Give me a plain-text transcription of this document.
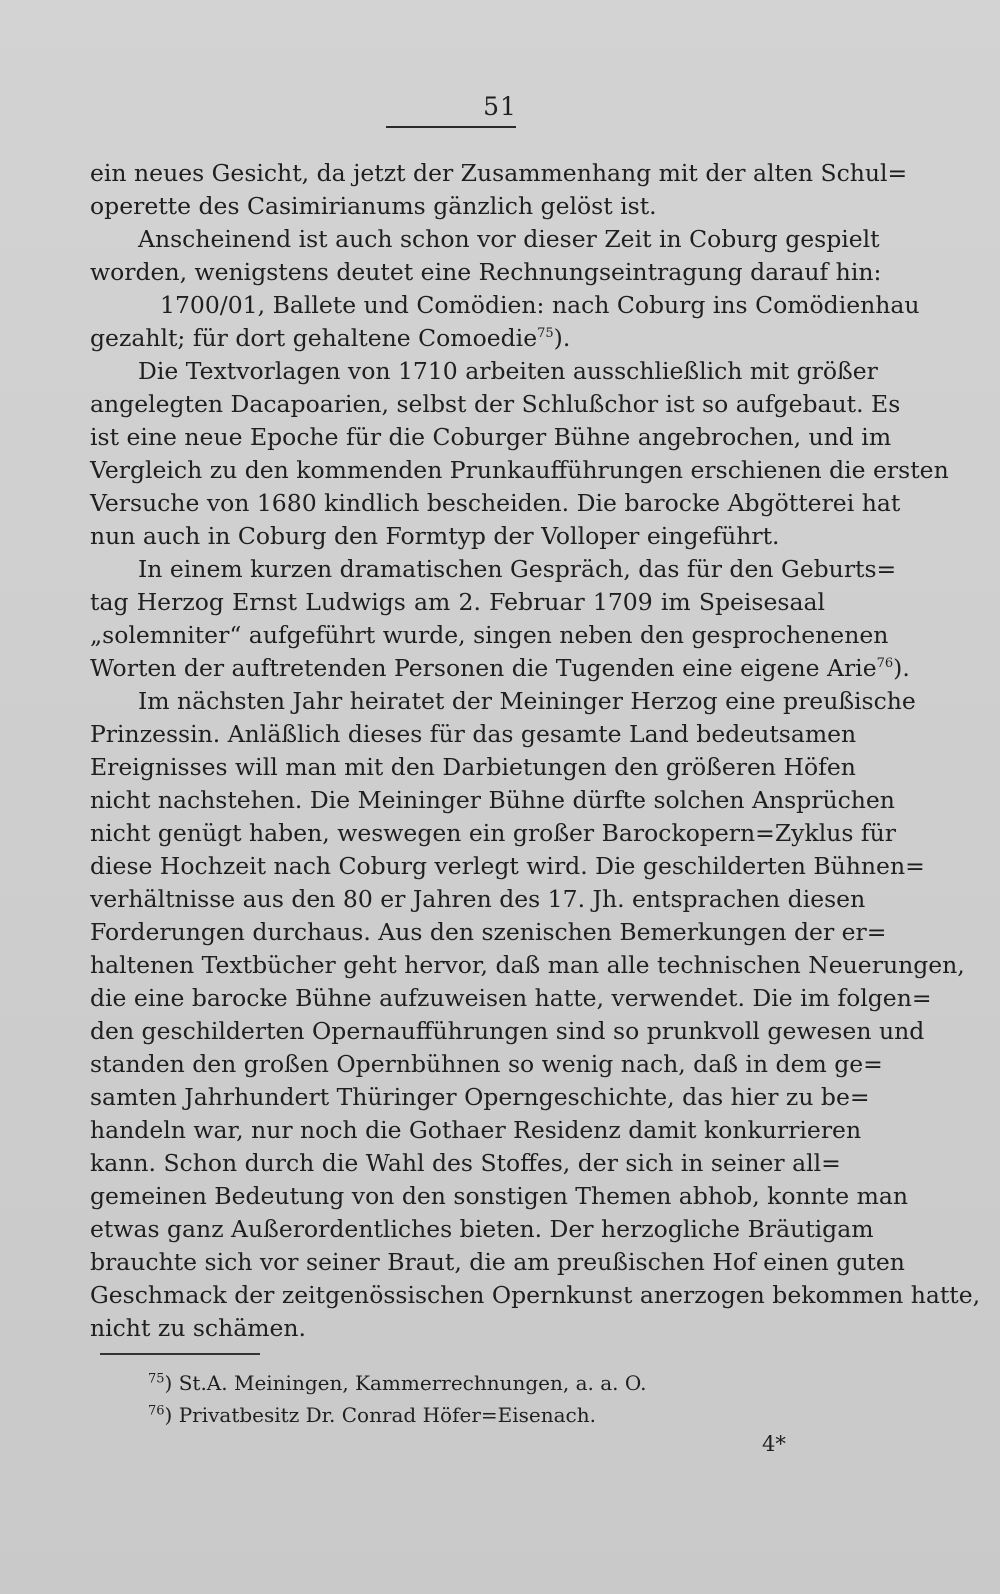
51
ein neues Gesicht, da jetzt der Zusammenhang mit der alten Schul=
operette des Casimirianums gänzlich gelöst ist.
Anscheinend ist auch schon vor dieser Zeit in Coburg gespielt
worden, wenigstens deutet eine Rechnungseintragung darauf hin:
1700/01, Ballete und Comödien: nach Coburg ins Comödienhau
gezahlt; für dort gehaltene Comoedie$^{75}$).
Die Textvorlagen von 1710 arbeiten ausschließlich mit größer
angelegten Dacapoarien, selbst der Schlußchor ist so aufgebaut. Es
ist eine neue Epoche für die Coburger Bühne angebrochen, und im
Vergleich zu den kommenden Prunkaufführungen erschienen die ersten
Versuche von 1680 kindlich bescheiden. Die barocke Abgötterei hat
nun auch in Coburg den Formtyp der Volloper eingeführt.
In einem kurzen dramatischen Gespräch, das für den Geburts=
tag Herzog Ernst Ludwigs am 2. Februar 1709 im Speisesaal
„solemniter“ aufgeführt wurde, singen neben den gesprochenenen
Worten der auftretenden Personen die Tugenden eine eigene Arie$^{76}$).
Im nächsten Jahr heiratet der Meininger Herzog eine preußische
Prinzessin. Anläßlich dieses für das gesamte Land bedeutsamen
Ereignisses will man mit den Darbietungen den größeren Höfen
nicht nachstehen. Die Meininger Bühne dürfte solchen Ansprüchen
nicht genügt haben, weswegen ein großer Barockopern=Zyklus für
diese Hochzeit nach Coburg verlegt wird. Die geschilderten Bühnen=
verhältnisse aus den 80 er Jahren des 17. Jh. entsprachen diesen
Forderungen durchaus. Aus den szenischen Bemerkungen der er=
haltenen Textbücher geht hervor, daß man alle technischen Neuerungen,
die eine barocke Bühne aufzuweisen hatte, verwendet. Die im folgen=
den geschilderten Opernaufführungen sind so prunkvoll gewesen und
standen den großen Opernbühnen so wenig nach, daß in dem ge=
samten Jahrhundert Thüringer Operngeschichte, das hier zu be=
handeln war, nur noch die Gothaer Residenz damit konkurrieren
kann. Schon durch die Wahl des Stoffes, der sich in seiner all=
gemeinen Bedeutung von den sonstigen Themen abhob, konnte man
etwas ganz Außerordentliches bieten. Der herzogliche Bräutigam
brauchte sich vor seiner Braut, die am preußischen Hof einen guten
Geschmack der zeitgenössischen Opernkunst anerzogen bekommen hatte,
nicht zu schämen.
$^{75}$) St.A. Meiningen, Kammerrechnungen, a. a. O.
$^{76}$) Privatbesitz Dr. Conrad Höfer=Eisenach.
4*
